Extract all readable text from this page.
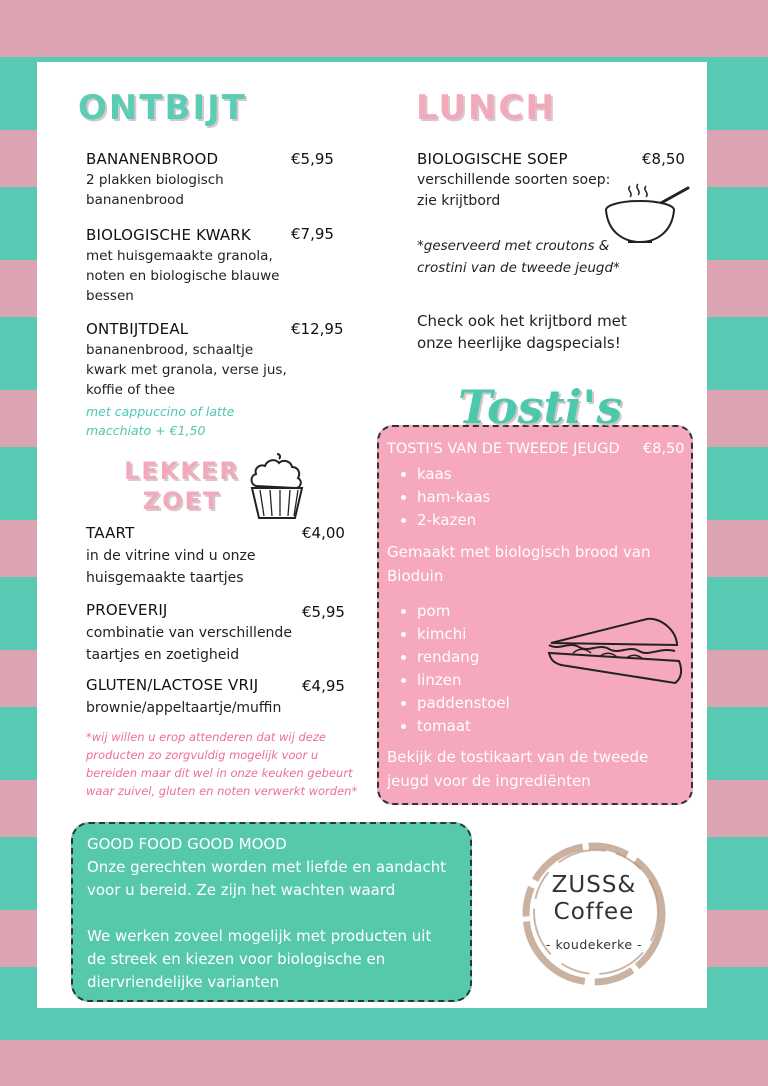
ONTBIJT
BANANENBROOD
2 plakken biologisch
bananenbrood
€5,95
BIOLOGISCHE KWARK
met huisgemaakte granola,
noten en biologische blauwe
bessen
€7,95
ONTBIJTDEAL
bananenbrood, schaaltje
kwark met granola, verse jus,
koffie of thee
met cappuccino of latte
macchiato + €1,50
€12,95
LEKKER
ZOET
TAART
in de vitrine vind u onze
huisgemaakte taartjes
€4,00
PROEVERIJ
combinatie van verschillende
taartjes en zoetigheid
€5,95
GLUTEN/LACTOSE VRIJ
brownie/appeltaartje/muffin
€4,95
*wij willen u erop attenderen dat wij deze
producten zo zorgvuldig mogelijk voor u
bereiden maar dit wel in onze keuken gebeurt
waar zuivel, gluten en noten verwerkt worden*
LUNCH
BIOLOGISCHE SOEP
verschillende soorten soep:
zie krijtbord
€8,50
*geserveerd met croutons &
crostini van de tweede jeugd*
Check ook het krijtbord met
onze heerlijke dagspecials!
TOSTI'S VAN DE TWEEDE JEUGD €8,50
• kaas
• ham-kaas
• 2-kazen
Gemaakt met biologisch brood van
Bioduin
• pom
• kimchi
• rendang
• linzen
• paddenstoel
• tomaat
Bekijk de tostikaart van de tweede
jeugd voor de ingrediënten
Tosti's
GOOD FOOD GOOD MOOD
Onze gerechten worden met liefde en aandacht
voor u bereid. Ze zijn het wachten waard
We werken zoveel mogelijk met producten uit
de streek en kiezen voor biologische en
diervriendelijke varianten
ZUSS&
Coffee
- koudekerke -
